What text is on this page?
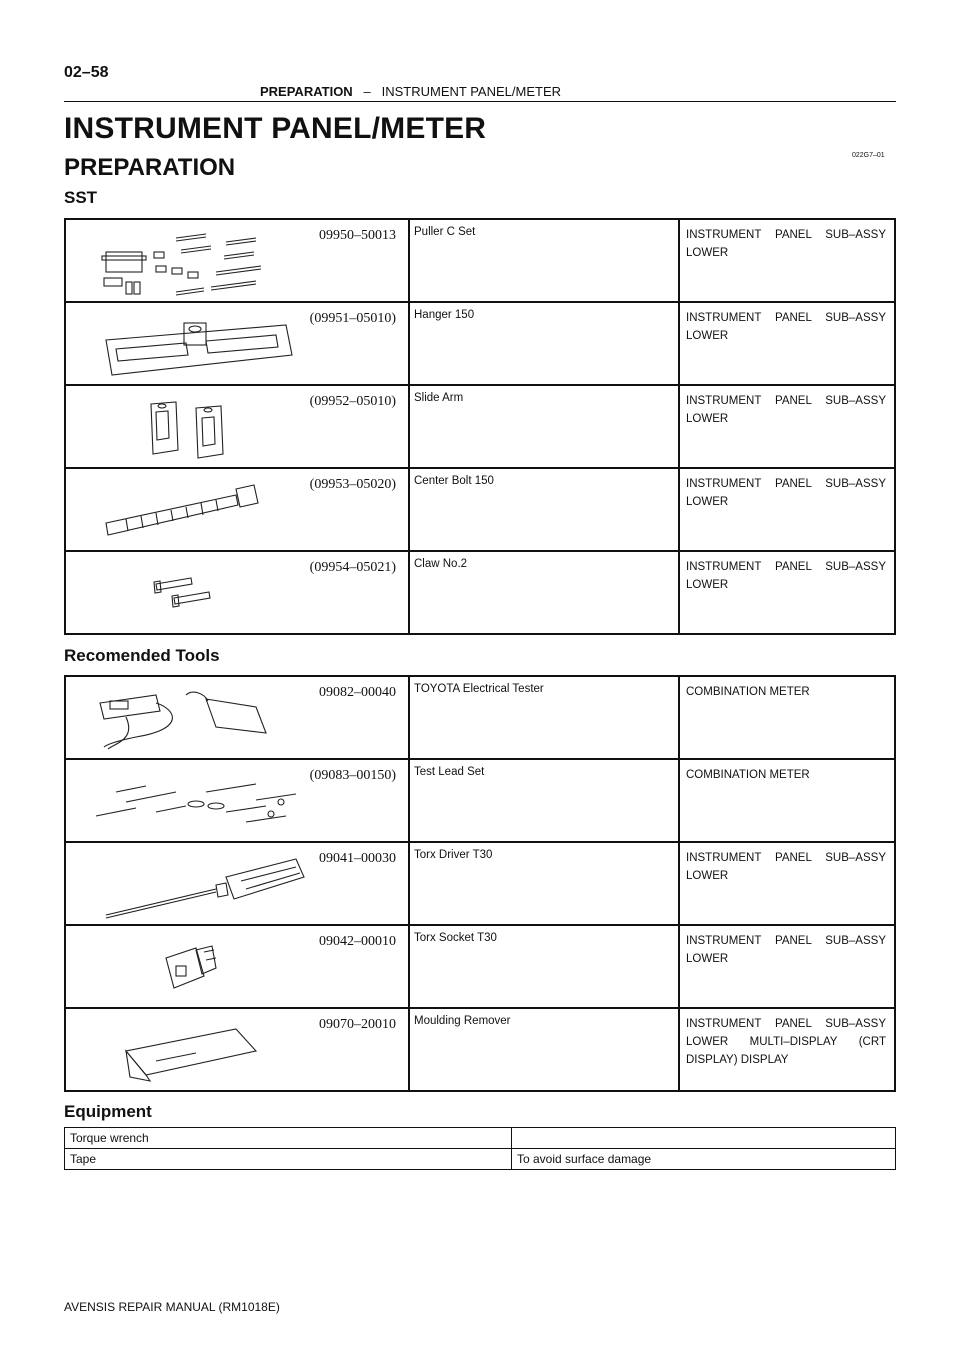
02–58
PREPARATION – INSTRUMENT PANEL/METER
INSTRUMENT PANEL/METER
PREPARATION	022G7–01
SST
09950–50013	Puller C Set	INSTRUMENT PANEL SUB–ASSY LOWER

(09951–05010)	Hanger 150	INSTRUMENT PANEL SUB–ASSY LOWER

(09952–05010)	Slide Arm	INSTRUMENT PANEL SUB–ASSY LOWER

(09953–05020)	Center Bolt 150	INSTRUMENT PANEL SUB–ASSY LOWER

(09954–05021)	Claw No.2	INSTRUMENT PANEL SUB–ASSY LOWER
Recomended Tools
09082–00040	TOYOTA Electrical Tester	COMBINATION METER

(09083–00150)	Test Lead Set	COMBINATION METER

09041–00030	Torx Driver T30	INSTRUMENT PANEL SUB–ASSY LOWER

09042–00010	Torx Socket T30	INSTRUMENT PANEL SUB–ASSY LOWER

09070–20010	Moulding Remover	INSTRUMENT PANEL SUB–ASSY LOWER MULTI–DISPLAY (CRT DISPLAY) DISPLAY
Equipment
Torque wrench	
Tape	To avoid surface damage
AVENSIS REPAIR MANUAL (RM1018E)
